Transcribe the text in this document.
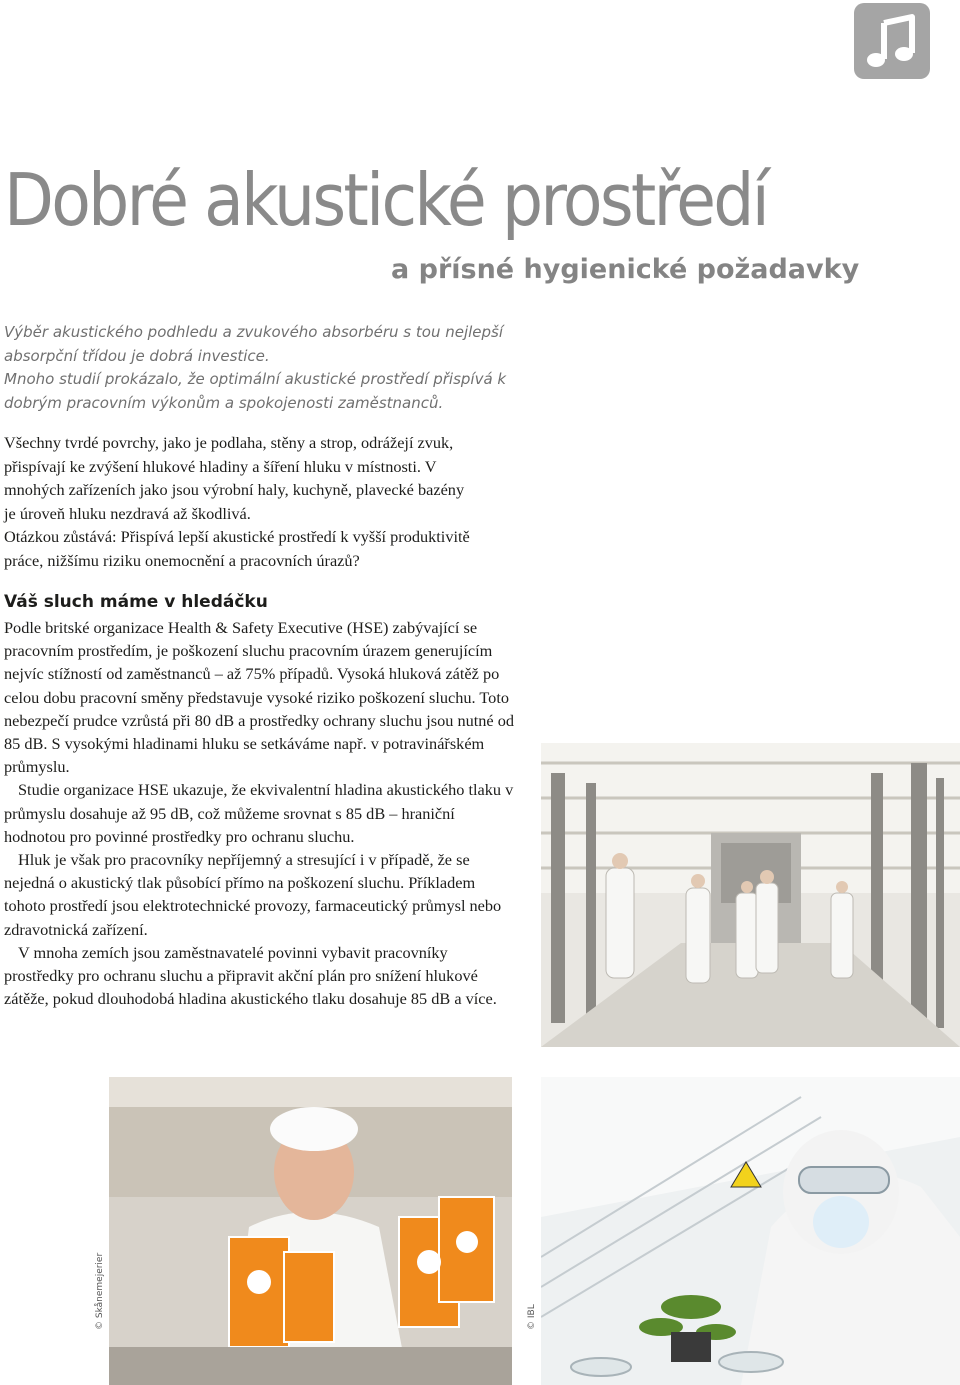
Dobré akustické prostředí
a přísné hygienické požadavky
Výběr akustického podhledu a zvukového absorbéru s tou nejlepší
absorpční třídou je dobrá investice.
Mnoho studií prokázalo, že optimální akustické prostředí přispívá k
dobrým pracovním výkonům a spokojenosti zaměstnanců.
Všechny tvrdé povrchy, jako je podlaha, stěny a strop, odrážejí zvuk,
přispívají ke zvýšení hlukové hladiny a šíření hluku v místnosti. V
mnohých zařízeních jako jsou výrobní haly, kuchyně, plavecké bazény
je úroveň hluku nezdravá až škodlivá.
Otázkou zůstává: Přispívá lepší akustické prostředí k vyšší produktivitě
práce, nižšímu riziku onemocnění a pracovních úrazů?
Váš sluch máme v hledáčku

Podle britské organizace Health & Safety Executive (HSE) zabývající se pracovním prostředím, je poškození sluchu pracovním úrazem generujícím nejvíc stížností od zaměstnanců – až 75% případů. Vysoká hluková zátěž po celou dobu pracovní směny představuje vysoké riziko poškození sluchu. Toto nebezpečí prudce vzrůstá při 80 dB a prostředky ochrany sluchu jsou nutné od 85 dB. S vysokými hladinami hluku se setkáváme např. v potravinářském průmyslu.

Studie organizace HSE ukazuje, že ekvivalentní hladina akustického tlaku v průmyslu dosahuje až 95 dB, což můžeme srovnat s 85 dB – hraniční hodnotou pro povinné prostředky pro ochranu sluchu.

Hluk je však pro pracovníky nepříjemný a stresující i v případě, že se nejedná o akustický tlak působící přímo na poškození sluchu. Příkladem tohoto prostředí jsou elektrotechnické provozy, farmaceutický průmysl nebo zdravotnická zařízení.

V mnoha zemích jsou zaměstnavatelé povinni vybavit pracovníky prostředky pro ochranu sluchu a připravit akční plán pro snížení hlukové zátěže, pokud dlouhodobá hladina akustického tlaku dosahuje 85 dB a více.

© Skånemejerier	© IBL
